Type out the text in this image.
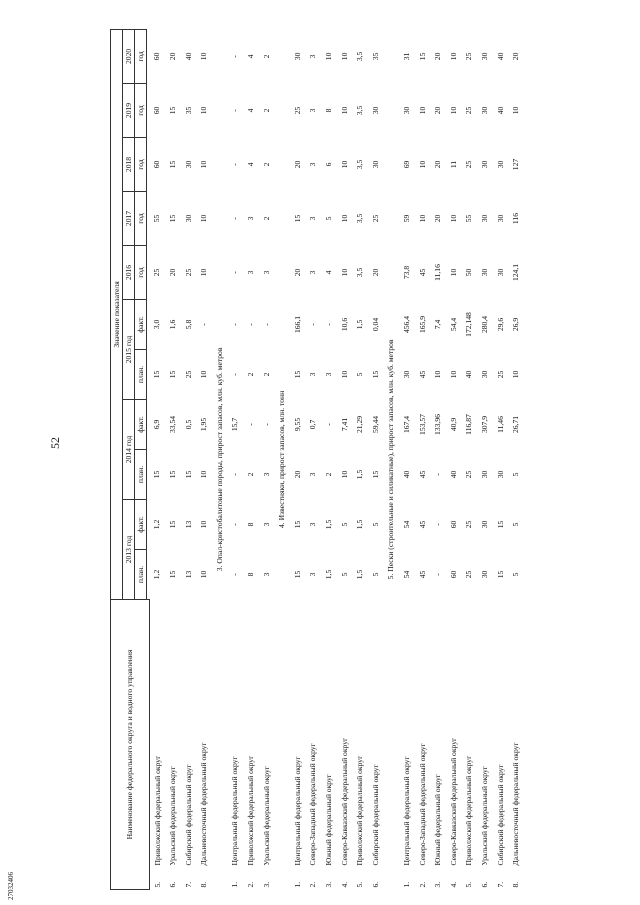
52
27032406
Наименование федерального округа и водного управления		Значение показателя										
		2013 год		2014 год		2015 год		2016	2017	2018	2019	2020
		план.	факт.	план.	факт.	план.	факт.	год	год	год	год	год

5.	Приволжский федеральный округ	1,2	1,2	15	6,9	15	3,0	25	55	60	60	60
6.	Уральский федеральный округ	15	15	15	33,54	15	1,6	20	15	15	15	20
7.	Сибирский федеральный округ	13	13	15	0,5	25	5,8	25	30	30	35	40
8.	Дальневосточный федеральный округ	10	10	10	1,95	10	-	10	10	10	10	10
3. Опал-кристобалитовые породы, прирост запасов, млн. куб. метров												
1.	Центральный федеральный округ	-	-	-	15,7	-	-	-	-	-	-	-
2.	Приволжский федеральный округ	8	8	2	-	2	-	3	3	4	4	4
3.	Уральский федеральный округ	3	3	3	-	2	-	3	2	2	2	2
4. Известняки, прирост запасов, млн. тонн												
1.	Центральный федеральный округ	15	15	20	9,55	15	166,1	20	15	20	25	30
2.	Северо-Западный федеральный округ	3	3	3	0,7	3	-	3	3	3	3	3
3.	Южный федеральный округ	1,5	1,5	2	-	3	-	4	5	6	8	10
4.	Северо-Кавказский федеральный округ	5	5	10	7,41	10	10,6	10	10	10	10	10
5.	Приволжский федеральный округ	1,5	1,5	1,5	21,29	5	1,5	3,5	3,5	3,5	3,5	3,5
6.	Сибирский федеральный округ	5	5	15	59,44	15	0,04	20	25	30	30	35
5. Пески (строительные и силикатные), прирост запасов, млн. куб. метров												
1.	Центральный федеральный округ	54	54	40	167,4	30	456,4	73,8	59	69	30	31
2.	Северо-Западный федеральный округ	45	45	45	153,57	45	165,9	45	10	10	10	15
3.	Южный федеральный округ	-	-	-	133,96	10	7,4	11,16	20	20	20	20
4.	Северо-Кавказский федеральный округ	60	60	40	40,9	10	54,4	10	10	11	10	10
5.	Приволжский федеральный округ	25	25	25	116,87	40	172,148	50	55	25	25	25
6.	Уральский федеральный округ	30	30	30	307,9	30	280,4	30	30	30	30	30
7.	Сибирский федеральный округ	15	15	30	11,46	25	29,6	30	30	30	40	40
8.	Дальневосточный федеральный округ	5	5	5	26,71	10	26,9	124,1	116	127	10	20
